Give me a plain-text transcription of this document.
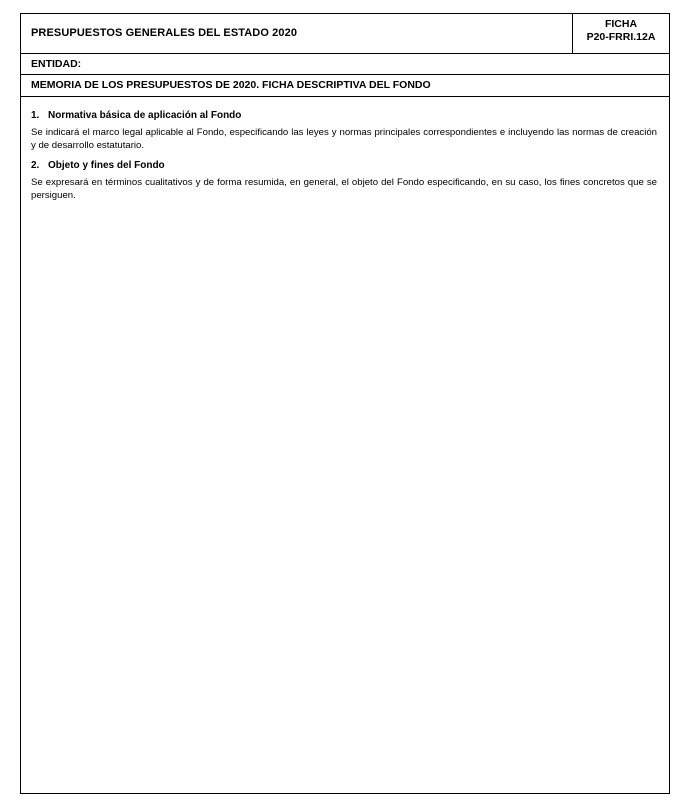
PRESUPUESTOS GENERALES DEL ESTADO 2020
FICHA
P20-FRRI.12A
ENTIDAD:
MEMORIA DE LOS PRESUPUESTOS DE 2020. FICHA DESCRIPTIVA DEL FONDO
1. Normativa básica de aplicación al Fondo

Se indicará el marco legal aplicable al Fondo, especificando las leyes y normas principales correspondientes e incluyendo las normas de creación y de desarrollo estatutario.

2. Objeto y fines del Fondo

Se expresará en términos cualitativos y de forma resumida, en general, el objeto del Fondo especificando, en su caso, los fines concretos que se persiguen.
